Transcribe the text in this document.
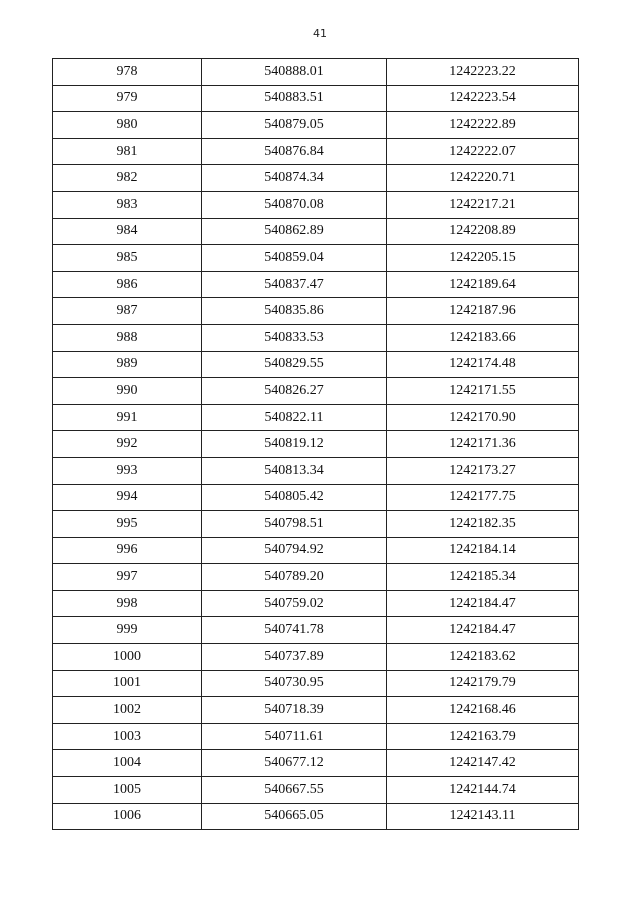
41
978	540888.01	1242223.22
979	540883.51	1242223.54
980	540879.05	1242222.89
981	540876.84	1242222.07
982	540874.34	1242220.71
983	540870.08	1242217.21
984	540862.89	1242208.89
985	540859.04	1242205.15
986	540837.47	1242189.64
987	540835.86	1242187.96
988	540833.53	1242183.66
989	540829.55	1242174.48
990	540826.27	1242171.55
991	540822.11	1242170.90
992	540819.12	1242171.36
993	540813.34	1242173.27
994	540805.42	1242177.75
995	540798.51	1242182.35
996	540794.92	1242184.14
997	540789.20	1242185.34
998	540759.02	1242184.47
999	540741.78	1242184.47
1000	540737.89	1242183.62
1001	540730.95	1242179.79
1002	540718.39	1242168.46
1003	540711.61	1242163.79
1004	540677.12	1242147.42
1005	540667.55	1242144.74
1006	540665.05	1242143.11
